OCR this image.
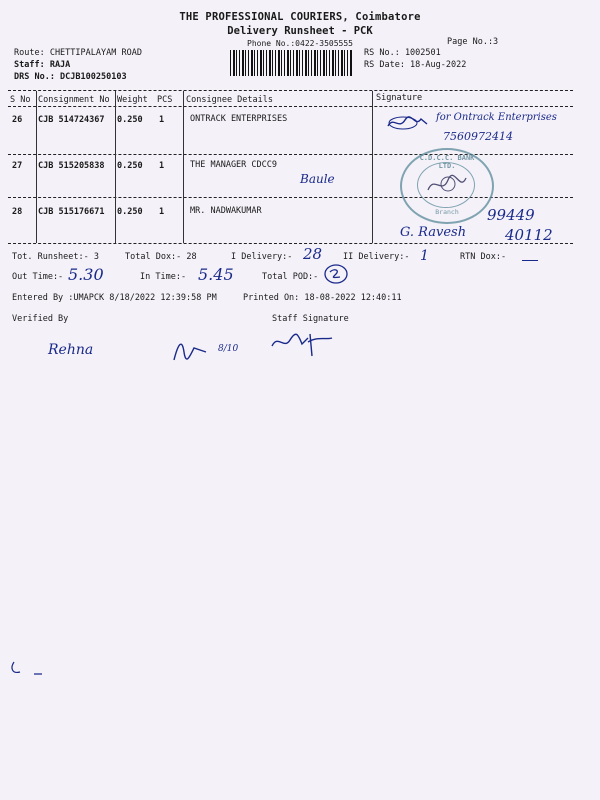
THE PROFESSIONAL COURIERS, Coimbatore
Delivery Runsheet - PCK
Phone No.:0422-3505555	Page No.:3
Route: CHETTIPALAYAM ROAD
Staff: RAJA
DRS No.: DCJB100250103
RS No.: 1002501
RS Date: 18-Aug-2022
S No Consignment No Weight PCS Consignee Details	Signature
26 CJB 514724367 0.250 1	ONTRACK ENTERPRISES	for Ontrack Enterprises
7560972414
27 CJB 515205838 0.250 1	THE MANAGER CDCC9
Baule
C.D.C.C. BANK LTD.
Branch
28 CJB 515176671 0.250 1	MR. NADWAKUMAR
G. Ravesh
99449
40112
Tot. Runsheet:- 3	Total Dox:- 28	I Delivery:- 28 II Delivery:- 1	RTN Dox:-
Out Time:- 5.30	In Time:- 5.45	Total POD:-
Entered By :UMAPCK 8/18/2022 12:39:58 PM	Printed On: 18-08-2022 12:40:11
Verified By	Staff Signature
Rehna	8/10
